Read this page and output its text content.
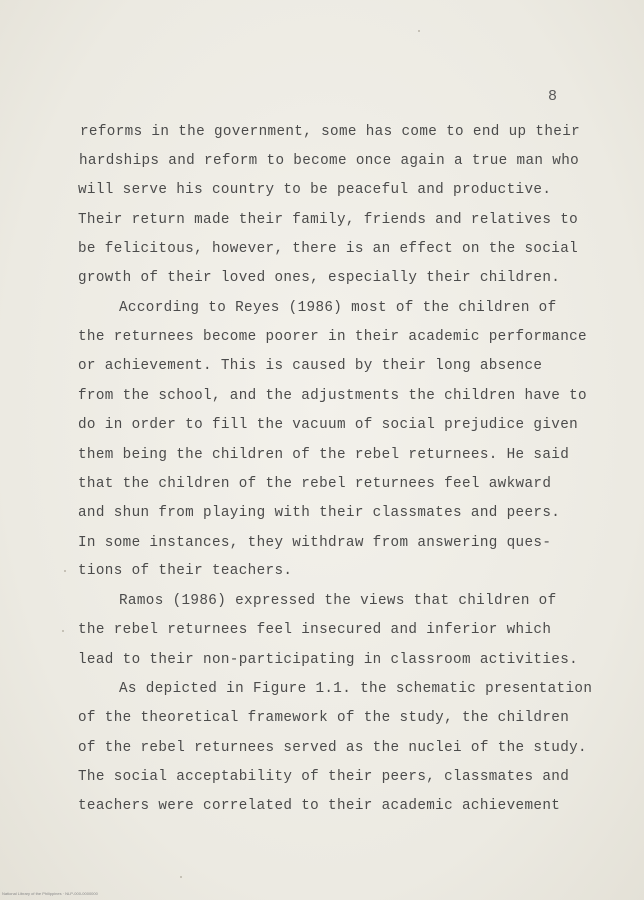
8
reforms in the government, some has come to end up their
hardships and reform to become once again a true man who
will serve his country to be peaceful and productive.
Their return made their family, friends and relatives to
be felicitous, however, there is an effect on the social
growth of their loved ones, especially their children.
According to Reyes (1986) most of the children of
the returnees become poorer in their academic performance
or achievement. This is caused by their long absence
from the school, and the adjustments the children have to
do in order to fill the vacuum of social prejudice given
them being the children of the rebel returnees. He said
that the children of the rebel returnees feel awkward
and shun from playing with their classmates and peers.
In some instances, they withdraw from answering ques-
tions of their teachers.
Ramos (1986) expressed the views that children of
the rebel returnees feel insecured and inferior which
lead to their non-participating in classroom activities.
As depicted in Figure 1.1. the schematic presentation
of the theoretical framework of the study, the children
of the rebel returnees served as the nuclei of the study.
The social acceptability of their peers, classmates and
teachers were correlated to their academic achievement
National Library of the Philippines · NLP-000-0000000
